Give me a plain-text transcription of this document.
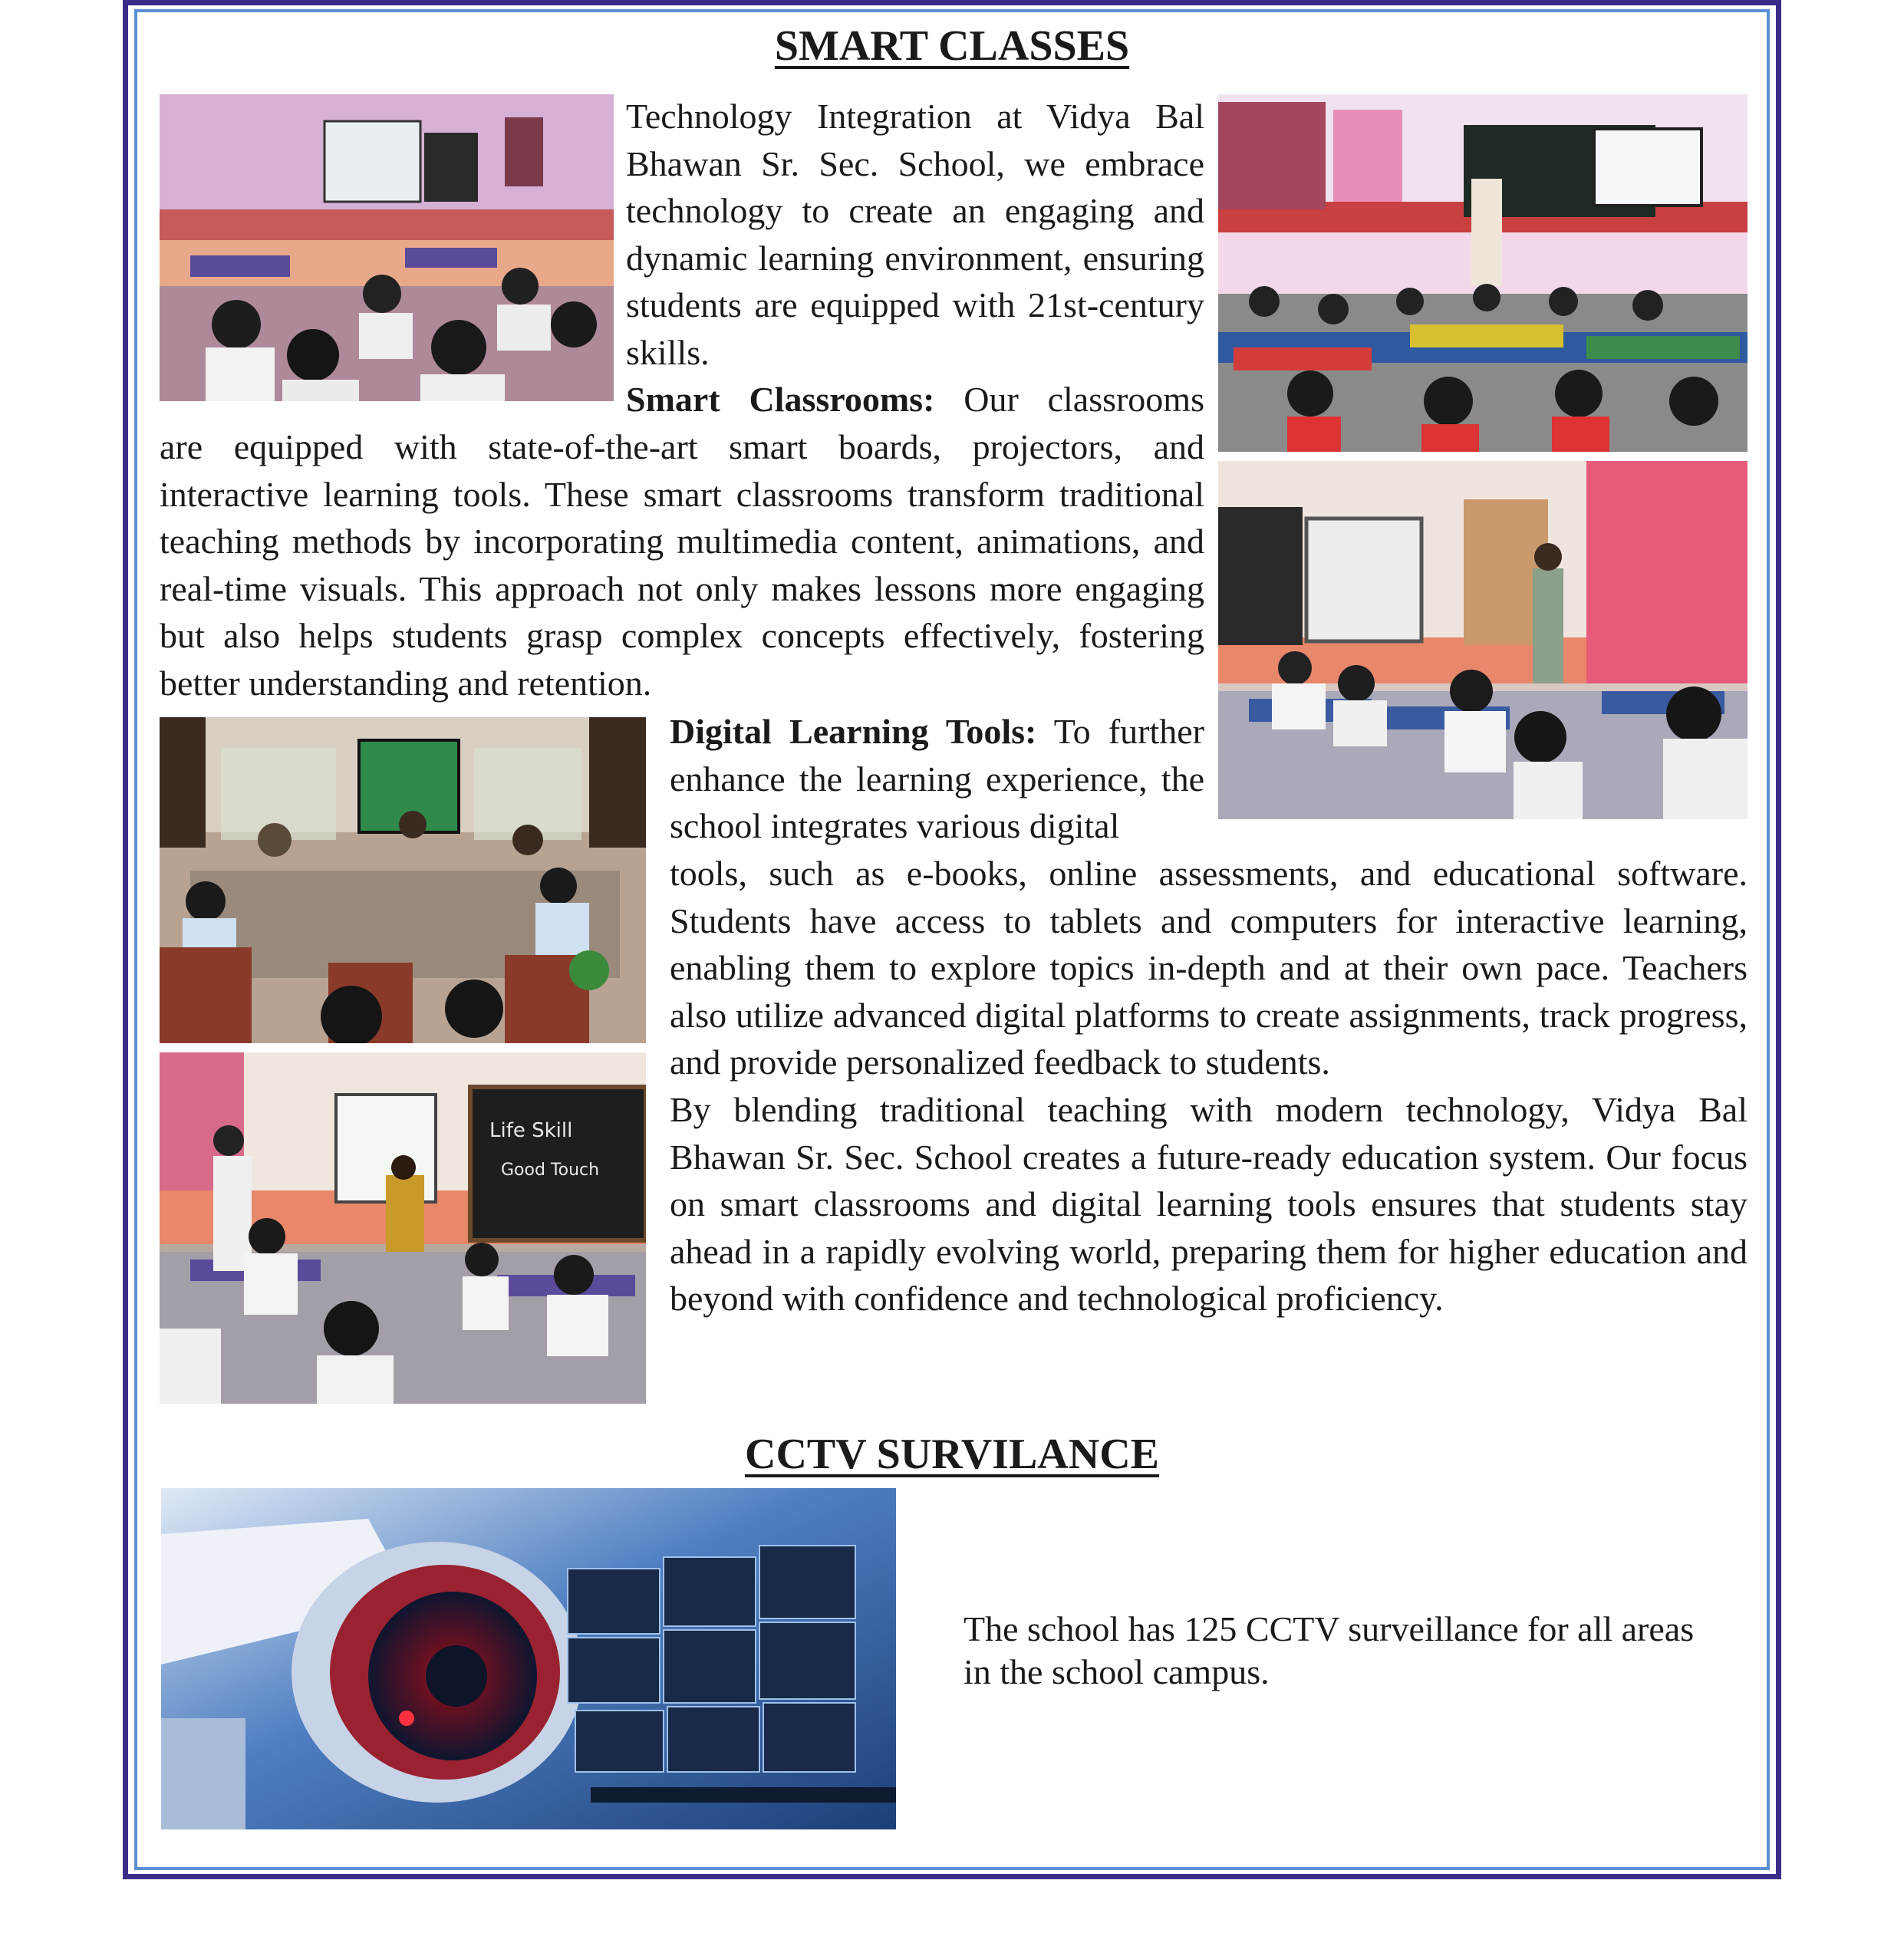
SMART CLASSES

Technology Integration at Vidya Bal Bhawan Sr. Sec. School, we embrace technology to create an engaging and dynamic learning environment, ensuring students are equipped with 21st-century skills.

Smart Classrooms: Our classrooms

are equipped with state-of-the-art smart boards, projectors, and interactive learning tools. These smart classrooms transform traditional teaching methods by incorporating multimedia content, animations, and real-time visuals. This approach not only makes lessons more engaging but also helps students grasp complex concepts effectively, fostering better understanding and retention.

Digital Learning Tools: To further enhance the learning experience, the school integrates various digital

tools, such as e-books, online assessments, and educational software. Students have access to tablets and computers for interactive learning, enabling them to explore topics in-depth and at their own pace. Teachers also utilize advanced digital platforms to create assignments, track progress, and provide personalized feedback to students.

Life Skill
Good Touch

By blending traditional teaching with modern technology, Vidya Bal Bhawan Sr. Sec. School creates a future-ready education system. Our focus on smart classrooms and digital learning tools ensures that students stay ahead in a rapidly evolving world, preparing them for higher education and beyond with confidence and technological proficiency.

CCTV SURVILANCE

The school has 125 CCTV surveillance for all areas in the school campus.
